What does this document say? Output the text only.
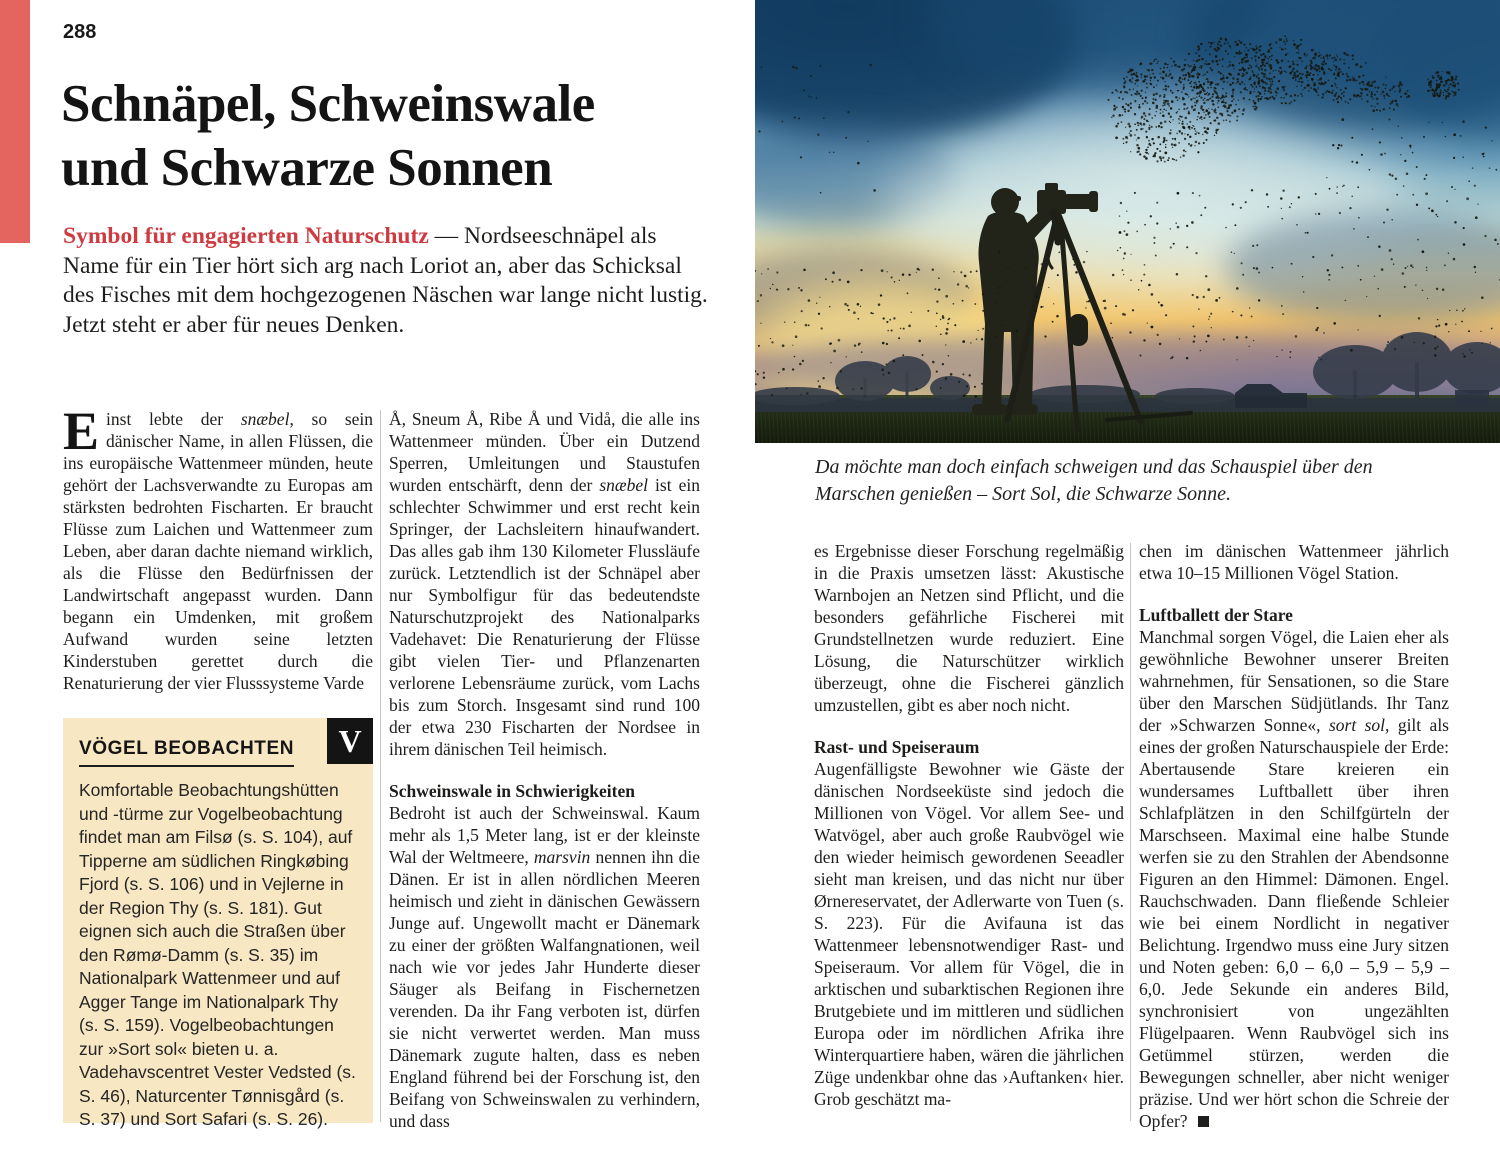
288
Schnäpel, Schweinswale
und Schwarze Sonnen
Symbol für engagierten Naturschutz — Nordseeschnäpel als Name für ein Tier hört sich arg nach Loriot an, aber das Schicksal des Fisches mit dem hochgezogenen Näschen war lange nicht lustig. Jetzt steht er aber für neues Denken.
Da möchte man doch einfach schweigen und das Schauspiel über den Marschen genießen – Sort Sol, die Schwarze Sonne.

Einst lebte der snæbel, so sein dänischer Name, in allen Flüssen, die ins europäische Wattenmeer münden, heute gehört der Lachsverwandte zu Europas am stärksten bedrohten Fischarten. Er braucht Flüsse zum Laichen und Wattenmeer zum Leben, aber daran dachte niemand wirklich, als die Flüsse den Bedürfnissen der Landwirtschaft angepasst wurden. Dann begann ein Umdenken, mit großem Aufwand wurden seine letzten Kinderstuben gerettet durch die Renaturierung der vier Flusssysteme Varde

Å, Sneum Å, Ribe Å und Vidå, die alle ins Wattenmeer münden. Über ein Dutzend Sperren, Umleitungen und Staustufen wurden entschärft, denn der snæbel ist ein schlechter Schwimmer und erst recht kein Springer, der Lachsleitern hinaufwandert. Das alles gab ihm 130 Kilometer Flussläufe zurück. Letztendlich ist der Schnäpel aber nur Symbolfigur für das bedeutendste Naturschutzprojekt des Nationalparks Vadehavet: Die Renaturierung der Flüsse gibt vielen Tier- und Pflanzenarten verlorene Lebensräume zurück, vom Lachs bis zum Storch. Insgesamt sind rund 100 der etwa 230 Fischarten der Nordsee in ihrem dänischen Teil heimisch.

Schweinswale in Schwierigkeiten

Bedroht ist auch der Schweinswal. Kaum mehr als 1,5 Meter lang, ist er der kleinste Wal der Weltmeere, marsvin nennen ihn die Dänen. Er ist in allen nördlichen Meeren heimisch und zieht in dänischen Gewässern Junge auf. Ungewollt macht er Dänemark zu einer der größten Walfangnationen, weil nach wie vor jedes Jahr Hunderte dieser Säuger als Beifang in Fischernetzen verenden. Da ihr Fang verboten ist, dürfen sie nicht verwertet werden. Man muss Dänemark zugute halten, dass es neben England führend bei der Forschung ist, den Beifang von Schweinswalen zu verhindern, und dass

es Ergebnisse dieser Forschung regelmäßig in die Praxis umsetzen lässt: Akustische Warnbojen an Netzen sind Pflicht, und die besonders gefährliche Fischerei mit Grundstellnetzen wurde reduziert. Eine Lösung, die Naturschützer wirklich überzeugt, ohne die Fischerei gänzlich umzustellen, gibt es aber noch nicht.

Rast- und Speiseraum

Augenfälligste Bewohner wie Gäste der dänischen Nordseeküste sind jedoch die Millionen von Vögel. Vor allem See- und Watvögel, aber auch große Raubvögel wie den wieder heimisch gewordenen Seeadler sieht man kreisen, und das nicht nur über Ørnereservatet, der Adlerwarte von Tuen (s. S. 223). Für die Avifauna ist das Wattenmeer lebensnotwendiger Rast- und Speiseraum. Vor allem für Vögel, die in arktischen und subarktischen Regionen ihre Brutgebiete und im mittleren und südlichen Europa oder im nördlichen Afrika ihre Winterquartiere haben, wären die jährlichen Züge undenkbar ohne das ›Auftanken‹ hier. Grob geschätzt ma-

chen im dänischen Wattenmeer jährlich etwa 10–15 Millionen Vögel Station.

Luftballett der Stare

Manchmal sorgen Vögel, die Laien eher als gewöhnliche Bewohner unserer Breiten wahrnehmen, für Sensationen, so die Stare über den Marschen Südjütlands. Ihr Tanz der »Schwarzen Sonne«, sort sol, gilt als eines der großen Naturschauspiele der Erde: Abertausende Stare kreieren ein wundersames Luftballett über ihren Schlafplätzen in den Schilfgürteln der Marschseen. Maximal eine halbe Stunde werfen sie zu den Strahlen der Abendsonne Figuren an den Himmel: Dämonen. Engel. Rauchschwaden. Dann fließende Schleier wie bei einem Nordlicht in negativer Belichtung. Irgendwo muss eine Jury sitzen und Noten geben: 6,0 – 6,0 – 5,9 – 5,9 – 6,0. Jede Sekunde ein anderes Bild, synchronisiert von ungezählten Flügelpaaren. Wenn Raubvögel sich ins Getümmel stürzen, werden die Bewegungen schneller, aber nicht weniger präzise. Und wer hört schon die Schreie der Opfer?

V
VÖGEL BEOBACHTEN
Komfortable Beobachtungshütten und -türme zur Vogelbeobachtung findet man am Filsø (s. S. 104), auf Tipperne am südlichen Ringkøbing Fjord (s. S. 106) und in Vejlerne in der Region Thy (s. S. 181). Gut eignen sich auch die Straßen über den Rømø-Damm (s. S. 35) im Nationalpark Wattenmeer und auf Agger Tange im Nationalpark Thy (s. S. 159). Vogelbeobachtungen zur »Sort sol« bieten u. a. Vadehavscentret Vester Vedsted (s. S. 46), Naturcenter Tønnisgård (s. S. 37) und Sort Safari (s. S. 26).
